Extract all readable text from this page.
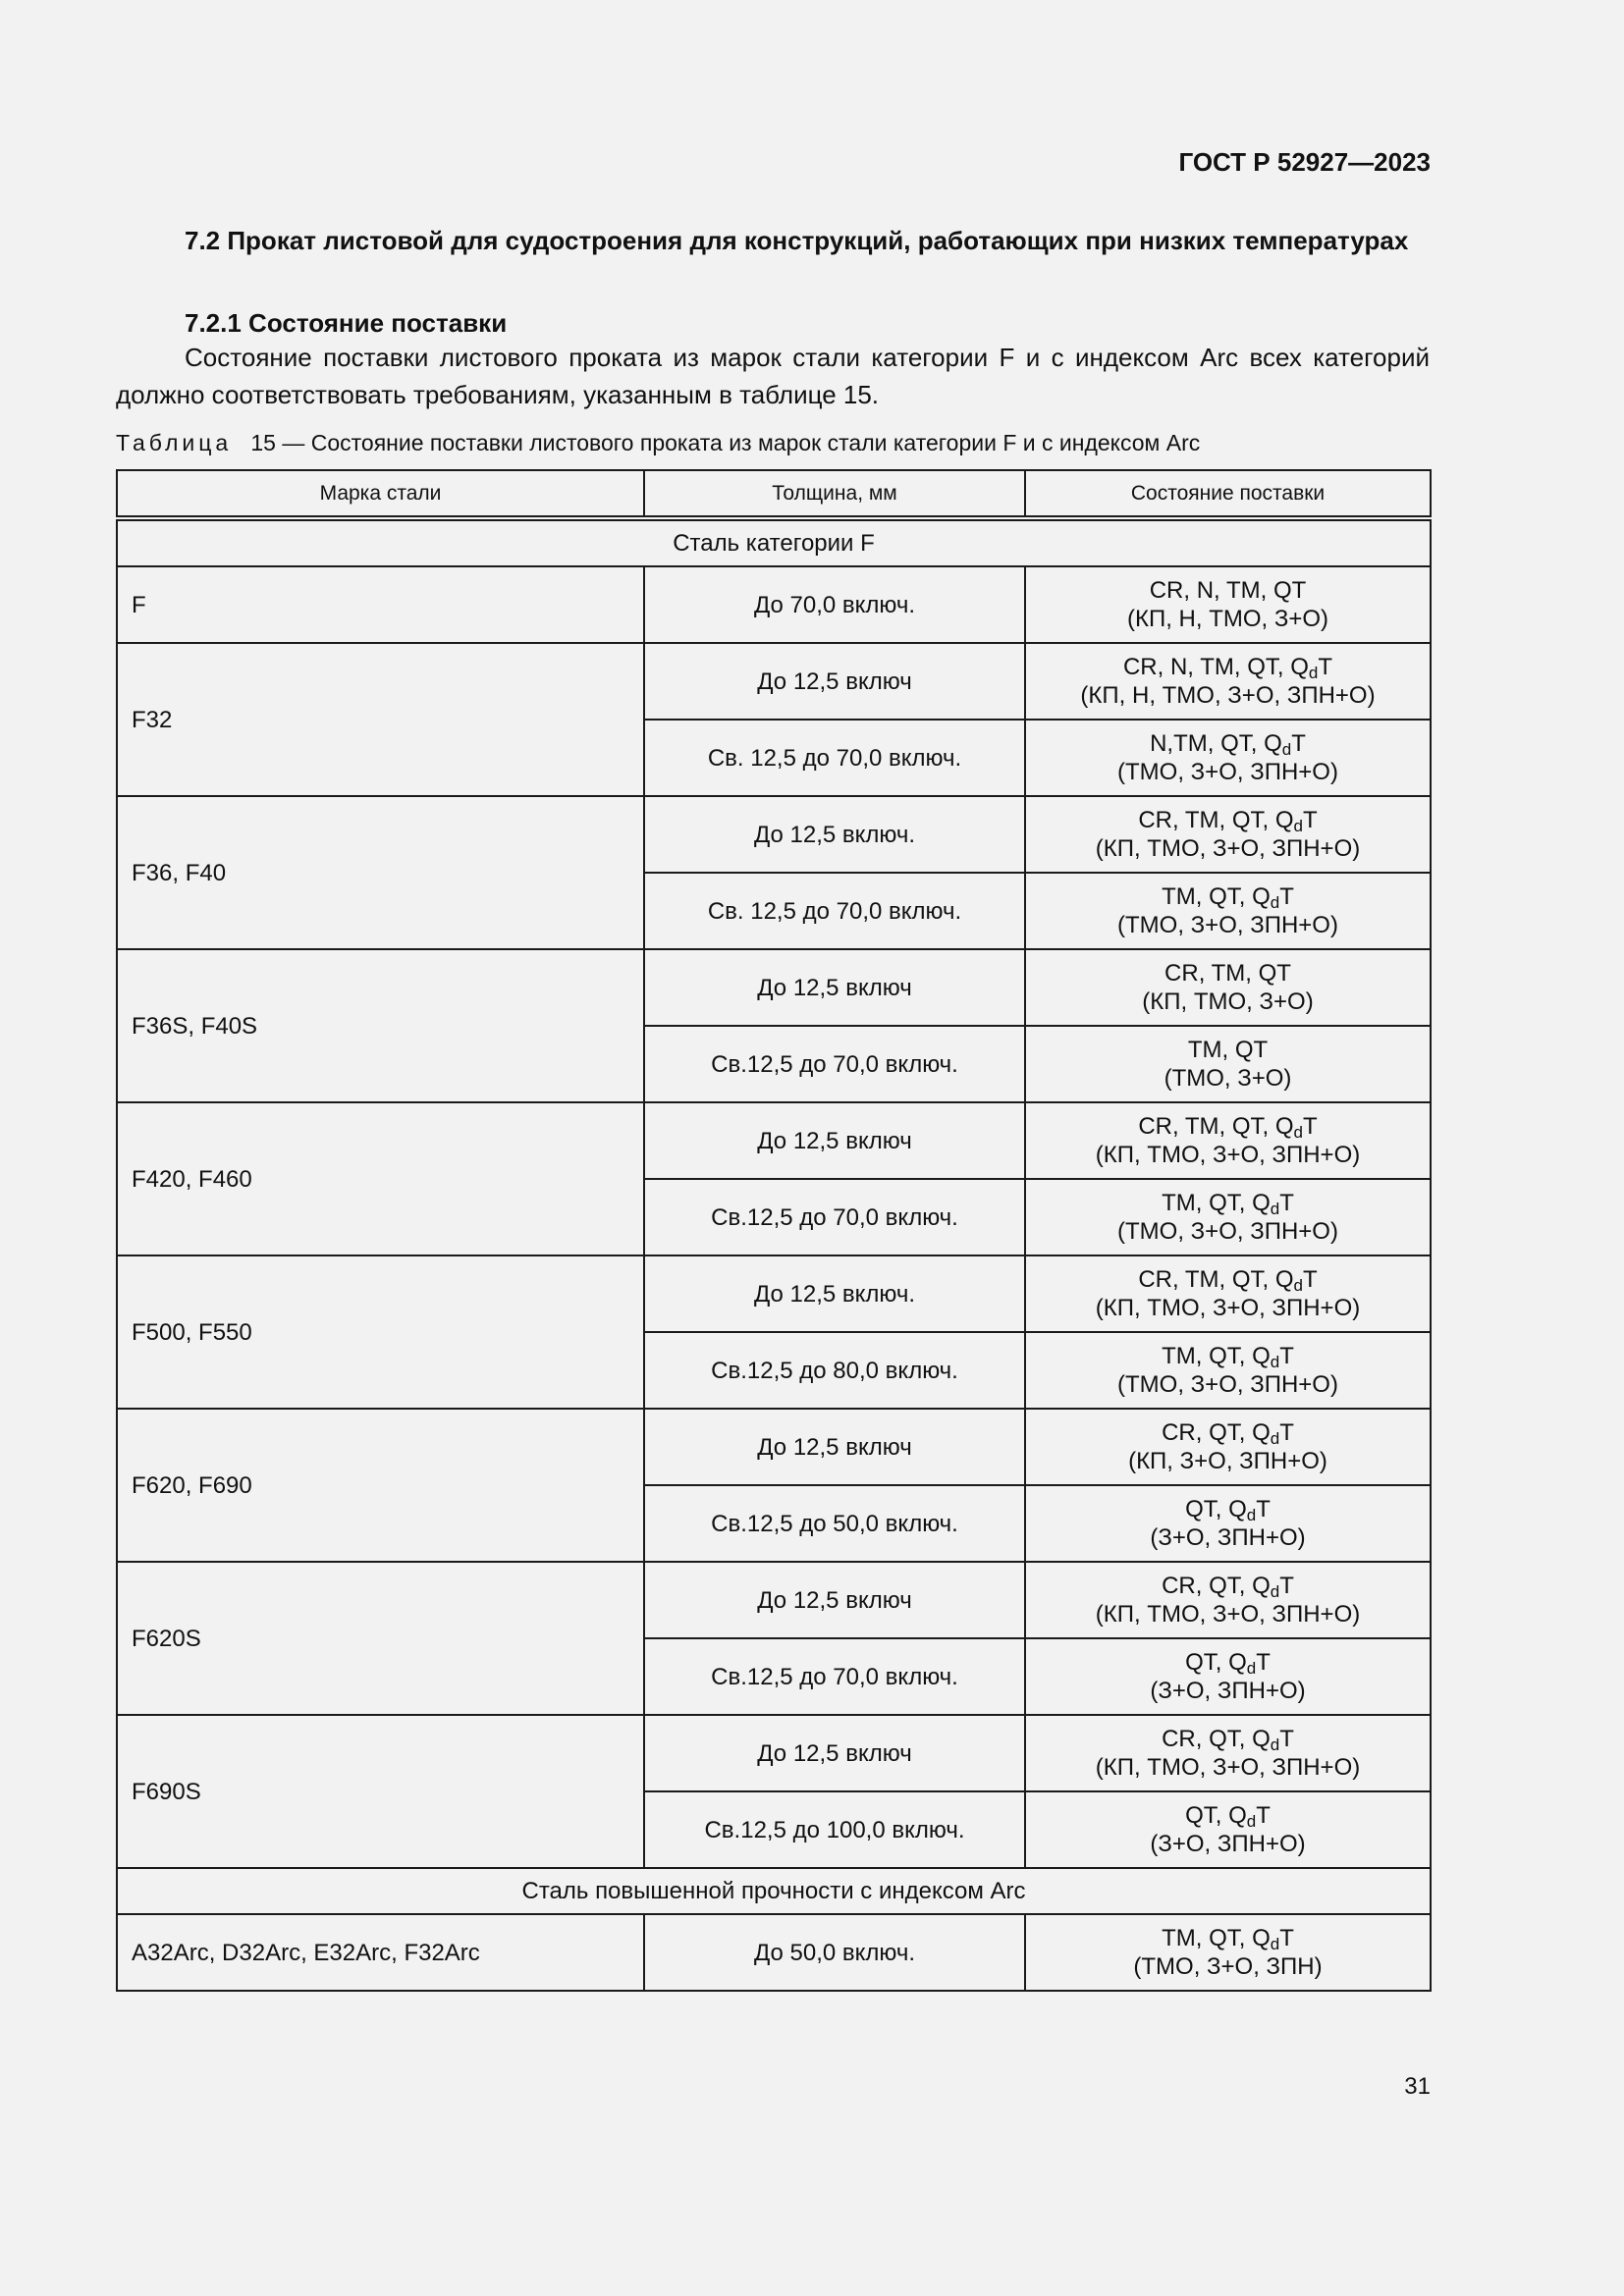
ГОСТ Р 52927—2023
7.2 Прокат листовой для судостроения для конструкций, работающих при низких температурах
7.2.1 Состояние поставки
Состояние поставки листового проката из марок стали категории F и с индексом Arc всех категорий должно соответствовать требованиям, указанным в таблице 15.
Таблица 15 — Состояние поставки листового проката из марок стали категории F и с индексом Arc
Марка стали	Толщина, мм	Состояние поставки
Сталь категории F		
F	До 70,0 включ.	CR, N, TM, QT
(КП, Н, ТМО, З+О)
F32	До 12,5 включ	CR, N, TM, QT, $Q_dT$
(КП, Н, ТМО, З+О, ЗПН+О)
	Св. 12,5 до 70,0 включ.	N,TM, QT, $Q_dT$
(ТМО, З+О, ЗПН+О)
F36, F40	До 12,5 включ.	CR, TM, QT, $Q_dT$
(КП, ТМО, З+О, ЗПН+О)
	Св. 12,5 до 70,0 включ.	TM, QT, $Q_dT$
(ТМО, З+О, ЗПН+О)
F36S, F40S	До 12,5 включ	CR, TM, QT
(КП, ТМО, З+О)
	Св.12,5 до 70,0 включ.	TM, QT
(ТМО, З+О)
F420, F460	До 12,5 включ	CR, TM, QT, $Q_dT$
(КП, ТМО, З+О, ЗПН+О)
	Св.12,5 до 70,0 включ.	TM, QT, $Q_dT$
(ТМО, З+О, ЗПН+О)
F500, F550	До 12,5 включ.	CR, TM, QT, $Q_dT$
(КП, ТМО, З+О, ЗПН+О)
	Св.12,5 до 80,0 включ.	TM, QT, $Q_dT$
(ТМО, З+О, ЗПН+О)
F620, F690	До 12,5 включ	CR, QT, $Q_dT$
(КП, З+О, ЗПН+О)
	Св.12,5 до 50,0 включ.	QT, $Q_dT$
(З+О, ЗПН+О)
F620S	До 12,5 включ	CR, QT, $Q_dT$
(КП, ТМО, З+О, ЗПН+О)
	Св.12,5 до 70,0 включ.	QT, $Q_dT$
(З+О, ЗПН+О)
F690S	До 12,5 включ	CR, QT, $Q_dT$
(КП, ТМО, З+О, ЗПН+О)
	Св.12,5 до 100,0 включ.	QT, $Q_dT$
(З+О, ЗПН+О)
Сталь повышенной прочности с индексом Arc		
A32Arc, D32Arc, E32Arc, F32Arc	До 50,0 включ.	TM, QT, $Q_dT$
(ТМО, З+О, ЗПН)
31
